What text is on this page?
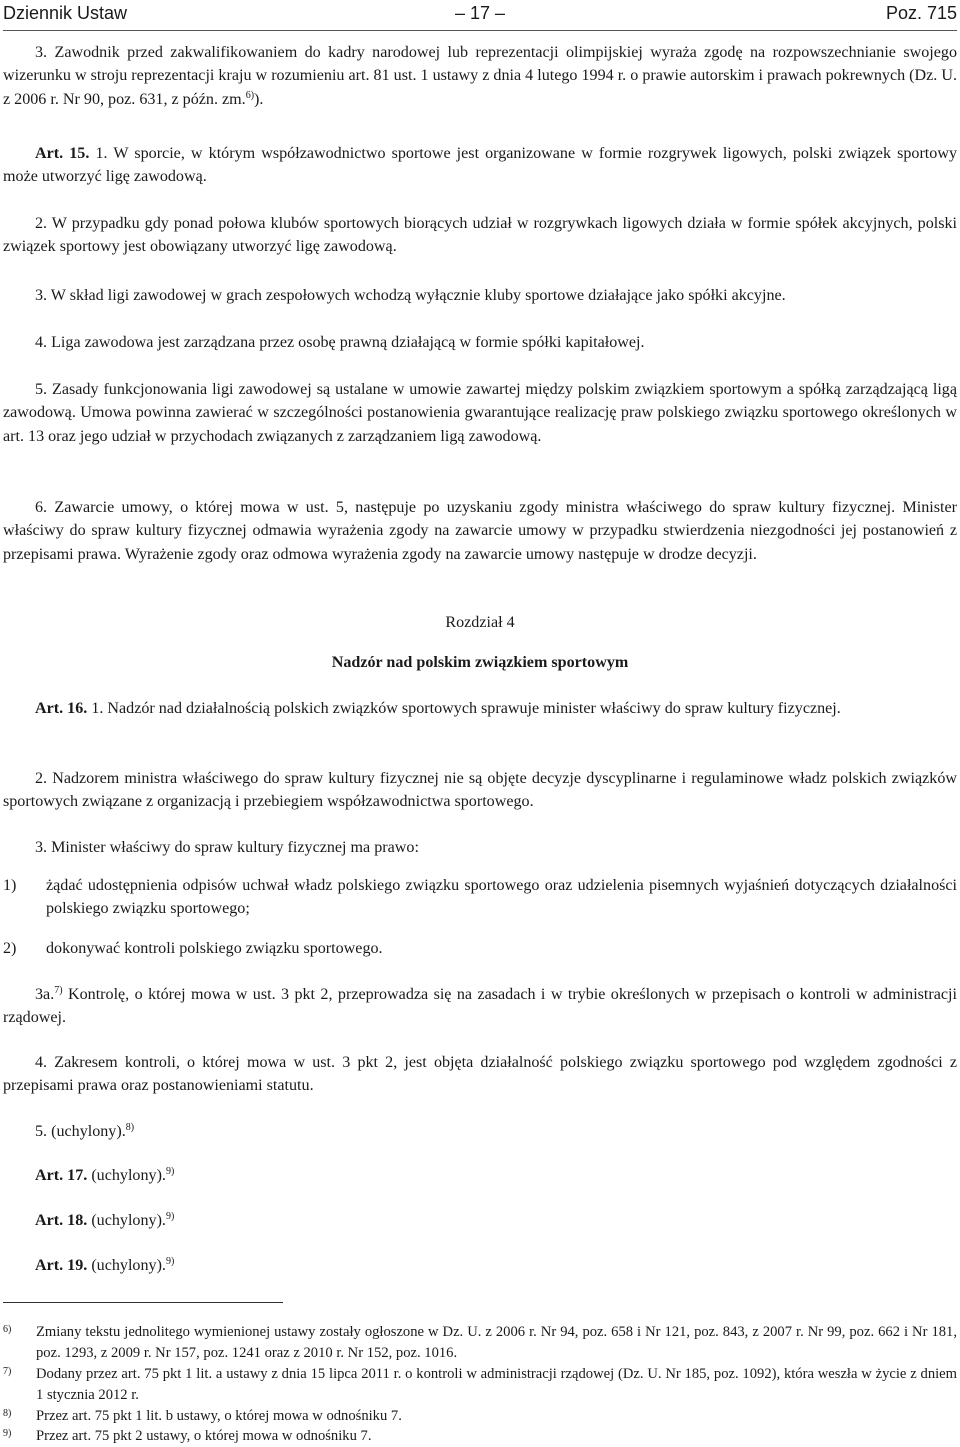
Dziennik Ustaw	– 17 –	Poz. 715

3. Zawodnik przed zakwalifikowaniem do kadry narodowej lub reprezentacji olimpijskiej wyraża zgodę na rozpowszechnianie swojego wizerunku w stroju reprezentacji kraju w rozumieniu art. 81 ust. 1 ustawy z dnia 4 lutego 1994 r. o prawie autorskim i prawach pokrewnych (Dz. U. z 2006 r. Nr 90, poz. 631, z późn. zm.$^{6)}$).

Art. 15. 1. W sporcie, w którym współzawodnictwo sportowe jest organizowane w formie rozgrywek ligowych, polski związek sportowy może utworzyć ligę zawodową.

2. W przypadku gdy ponad połowa klubów sportowych biorących udział w rozgrywkach ligowych działa w formie spółek akcyjnych, polski związek sportowy jest obowiązany utworzyć ligę zawodową.

3. W skład ligi zawodowej w grach zespołowych wchodzą wyłącznie kluby sportowe działające jako spółki akcyjne.

4. Liga zawodowa jest zarządzana przez osobę prawną działającą w formie spółki kapitałowej.

5. Zasady funkcjonowania ligi zawodowej są ustalane w umowie zawartej między polskim związkiem sportowym a spółką zarządzającą ligą zawodową. Umowa powinna zawierać w szczególności postanowienia gwarantujące realizację praw polskiego związku sportowego określonych w art. 13 oraz jego udział w przychodach związanych z zarządzaniem ligą zawodową.

6. Zawarcie umowy, o której mowa w ust. 5, następuje po uzyskaniu zgody ministra właściwego do spraw kultury fizycznej. Minister właściwy do spraw kultury fizycznej odmawia wyrażenia zgody na zawarcie umowy w przypadku stwierdzenia niezgodności jej postanowień z przepisami prawa. Wyrażenie zgody oraz odmowa wyrażenia zgody na zawarcie umowy następuje w drodze decyzji.

Rozdział 4

Nadzór nad polskim związkiem sportowym

Art. 16. 1. Nadzór nad działalnością polskich związków sportowych sprawuje minister właściwy do spraw kultury fizycznej.

2. Nadzorem ministra właściwego do spraw kultury fizycznej nie są objęte decyzje dyscyplinarne i regulaminowe władz polskich związków sportowych związane z organizacją i przebiegiem współzawodnictwa sportowego.

3. Minister właściwy do spraw kultury fizycznej ma prawo:

1) żądać udostępnienia odpisów uchwał władz polskiego związku sportowego oraz udzielenia pisemnych wyjaśnień dotyczących działalności polskiego związku sportowego;
2) dokonywać kontroli polskiego związku sportowego.

3a.$^{7)}$ Kontrolę, o której mowa w ust. 3 pkt 2, przeprowadza się na zasadach i w trybie określonych w przepisach o kontroli w administracji rządowej.

4. Zakresem kontroli, o której mowa w ust. 3 pkt 2, jest objęta działalność polskiego związku sportowego pod względem zgodności z przepisami prawa oraz postanowieniami statutu.

5. (uchylony).$^{8)}$

Art. 17. (uchylony).$^{9)}$

Art. 18. (uchylony).$^{9)}$

Art. 19. (uchylony).$^{9)}$

6) Zmiany tekstu jednolitego wymienionej ustawy zostały ogłoszone w Dz. U. z 2006 r. Nr 94, poz. 658 i Nr 121, poz. 843, z 2007 r. Nr 99, poz. 662 i Nr 181, poz. 1293, z 2009 r. Nr 157, poz. 1241 oraz z 2010 r. Nr 152, poz. 1016.
7) Dodany przez art. 75 pkt 1 lit. a ustawy z dnia 15 lipca 2011 r. o kontroli w administracji rządowej (Dz. U. Nr 185, poz. 1092), która weszła w życie z dniem 1 stycznia 2012 r.
8) Przez art. 75 pkt 1 lit. b ustawy, o której mowa w odnośniku 7.
9) Przez art. 75 pkt 2 ustawy, o której mowa w odnośniku 7.
